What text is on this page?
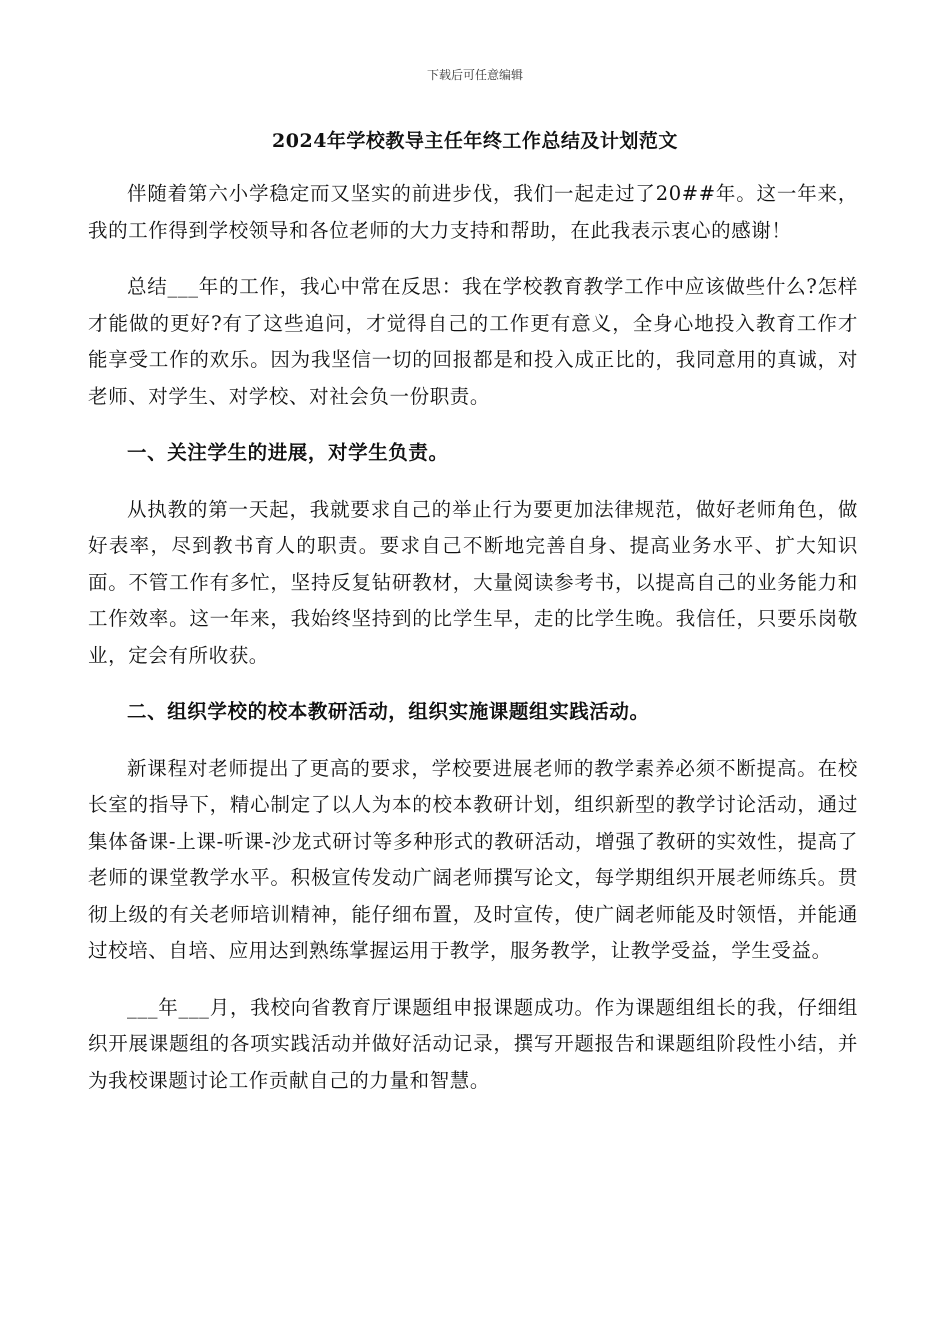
下载后可任意编辑
2024年学校教导主任年终工作总结及计划范文

伴随着第六小学稳定而又坚实的前进步伐，我们一起走过了20##年。这一年来，我的工作得到学校领导和各位老师的大力支持和帮助，在此我表示衷心的感谢！

总结___年的工作，我心中常在反思：我在学校教育教学工作中应该做些什么?怎样才能做的更好?有了这些追问，才觉得自己的工作更有意义，全身心地投入教育工作才能享受工作的欢乐。因为我坚信一切的回报都是和投入成正比的，我同意用的真诚，对老师、对学生、对学校、对社会负一份职责。

一、关注学生的进展，对学生负责。

从执教的第一天起，我就要求自己的举止行为要更加法律规范，做好老师角色，做好表率，尽到教书育人的职责。要求自己不断地完善自身、提高业务水平、扩大知识面。不管工作有多忙，坚持反复钻研教材，大量阅读参考书，以提高自己的业务能力和工作效率。这一年来，我始终坚持到的比学生早，走的比学生晚。我信任，只要乐岗敬业，定会有所收获。

二、组织学校的校本教研活动，组织实施课题组实践活动。

新课程对老师提出了更高的要求，学校要进展老师的教学素养必须不断提高。在校长室的指导下，精心制定了以人为本的校本教研计划，组织新型的教学讨论活动，通过集体备课-上课-听课-沙龙式研讨等多种形式的教研活动，增强了教研的实效性，提高了老师的课堂教学水平。积极宣传发动广阔老师撰写论文，每学期组织开展老师练兵。贯彻上级的有关老师培训精神，能仔细布置，及时宣传，使广阔老师能及时领悟，并能通过校培、自培、应用达到熟练掌握运用于教学，服务教学，让教学受益，学生受益。

___年___月，我校向省教育厅课题组申报课题成功。作为课题组组长的我，仔细组织开展课题组的各项实践活动并做好活动记录，撰写开题报告和课题组阶段性小结，并为我校课题讨论工作贡献自己的力量和智慧。
